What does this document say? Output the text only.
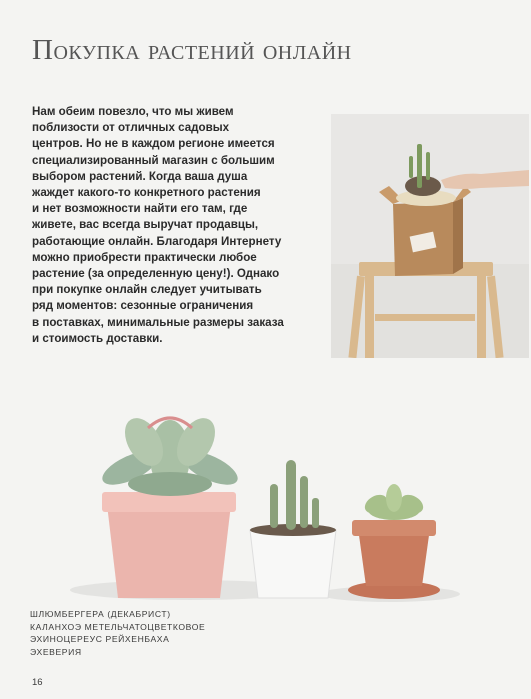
Покупка растений онлайн
Нам обеим повезло, что мы живем
поблизости от отличных садовых
центров. Но не в каждом регионе имеется
специализированный магазин с большим
выбором растений. Когда ваша душа
жаждет какого-то конкретного растения
и нет возможности найти его там, где
живете, вас всегда выручат продавцы,
работающие онлайн. Благодаря Интернету
можно приобрести практически любое
растение (за определенную цену!). Однако
при покупке онлайн следует учитывать
ряд моментов: сезонные ограничения
в поставках, минимальные размеры заказа
и стоимость доставки.
ШЛЮМБЕРГЕРА (ДЕКАБРИСТ)
КАЛАНХОЭ МЕТЕЛЬЧАТОЦВЕТКОВОЕ
ЭХИНОЦЕРЕУС РЕЙХЕНБАХА
ЭХЕВЕРИЯ
16
